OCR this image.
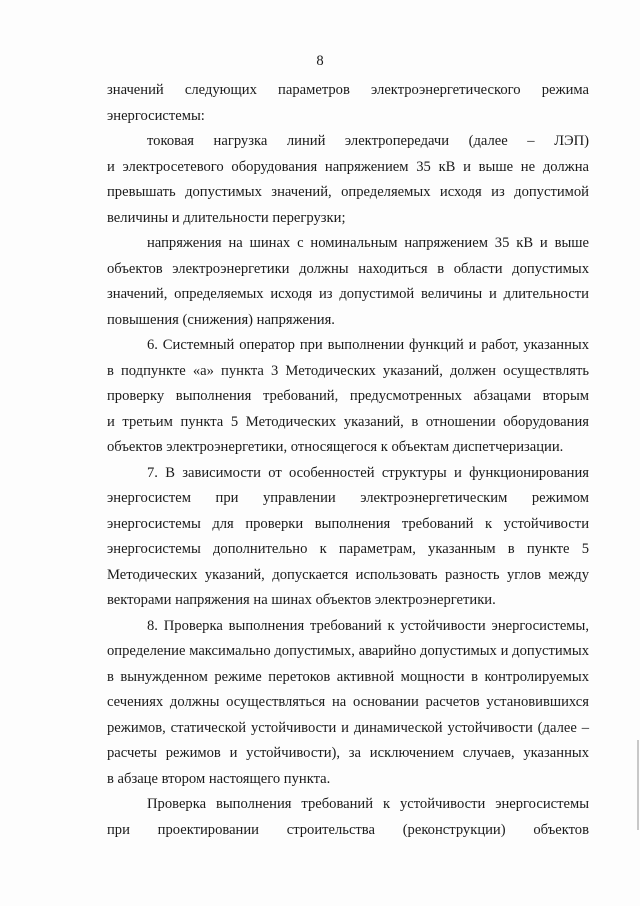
8
значений следующих параметров электроэнергетического режима
энергосистемы:
токовая нагрузка линий электропередачи (далее – ЛЭП)
и электросетевого оборудования напряжением 35 кВ и выше не должна
превышать допустимых значений, определяемых исходя из допустимой
величины и длительности перегрузки;
напряжения на шинах с номинальным напряжением 35 кВ и выше
объектов электроэнергетики должны находиться в области допустимых
значений, определяемых исходя из допустимой величины и длительности
повышения (снижения) напряжения.
6. Системный оператор при выполнении функций и работ, указанных
в подпункте «а» пункта 3 Методических указаний, должен осуществлять
проверку выполнения требований, предусмотренных абзацами вторым
и третьим пункта 5 Методических указаний, в отношении оборудования
объектов электроэнергетики, относящегося к объектам диспетчеризации.
7. В зависимости от особенностей структуры и функционирования
энергосистем при управлении электроэнергетическим режимом
энергосистемы для проверки выполнения требований к устойчивости
энергосистемы дополнительно к параметрам, указанным в пункте 5
Методических указаний, допускается использовать разность углов между
векторами напряжения на шинах объектов электроэнергетики.
8. Проверка выполнения требований к устойчивости энергосистемы,
определение максимально допустимых, аварийно допустимых и допустимых
в вынужденном режиме перетоков активной мощности в контролируемых
сечениях должны осуществляться на основании расчетов установившихся
режимов, статической устойчивости и динамической устойчивости (далее –
расчеты режимов и устойчивости), за исключением случаев, указанных
в абзаце втором настоящего пункта.
Проверка выполнения требований к устойчивости энергосистемы
при проектировании строительства (реконструкции) объектов
